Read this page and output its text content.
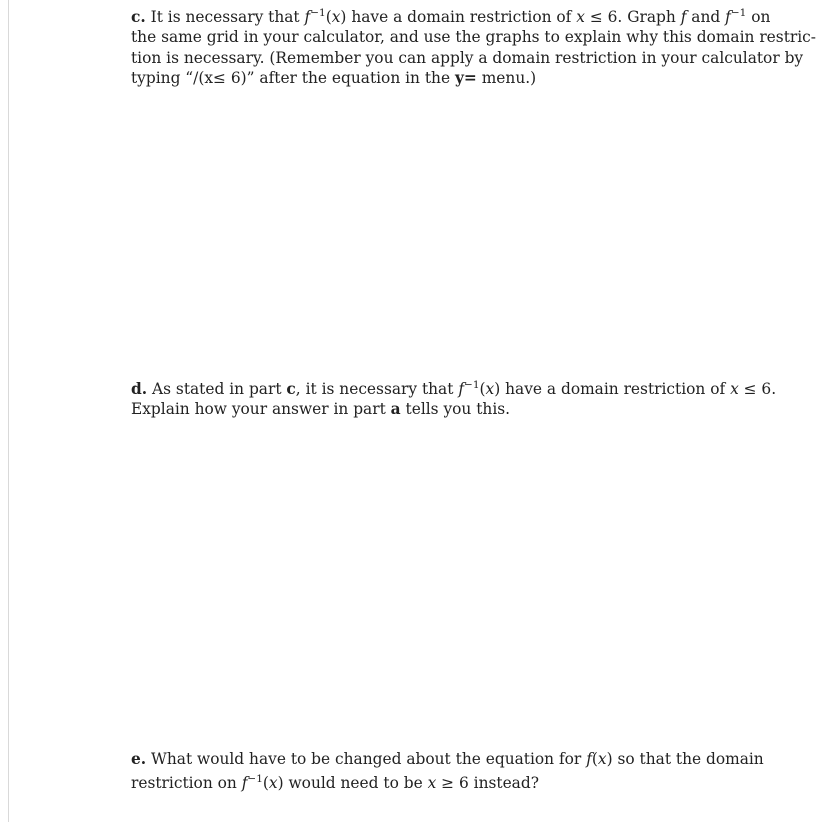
c. It is necessary that $f^{-1}(x)$ have a domain restriction of x ≤ 6. Graph f and $f^{-1}$ on
the same grid in your calculator, and use the graphs to explain why this domain restric-
tion is necessary. (Remember you can apply a domain restriction in your calculator by
typing “/(x≤ 6)” after the equation in the y= menu.)
d. As stated in part c, it is necessary that $f^{-1}(x)$ have a domain restriction of x ≤ 6.
Explain how your answer in part a tells you this.
e. What would have to be changed about the equation for f(x) so that the domain
restriction on $f^{-1}(x)$ would need to be x ≥ 6 instead?
